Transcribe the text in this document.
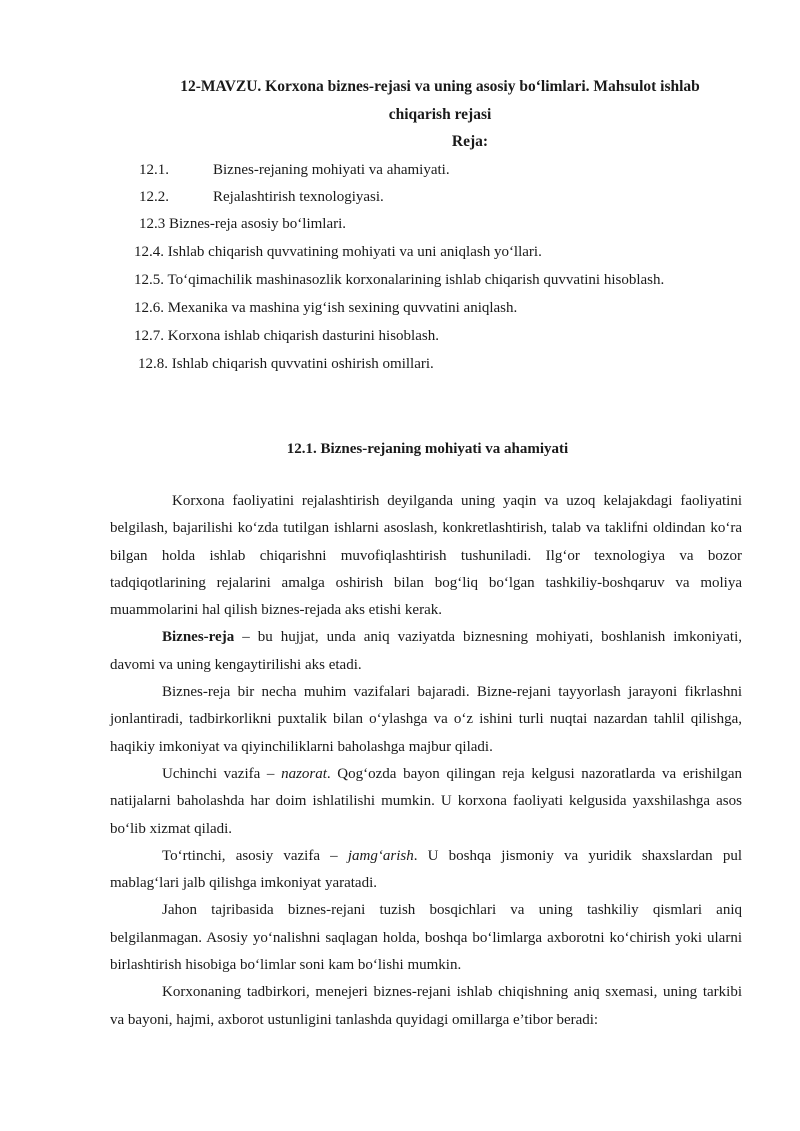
12-MAVZU. Korxona biznes-rejasi va uning asosiy bo‘limlari. Mahsulot ishlab
chiqarish rejasi

Reja:

12.1.	Biznes-rejaning mohiyati va ahamiyati.

12.2.	Rejalashtirish texnologiyasi.

12.3 Biznes-reja asosiy bo‘limlari.

12.4. Ishlab chiqarish quvvatining mohiyati va uni aniqlash yo‘llari.

12.5. To‘qimachilik mashinasozlik korxonalarining ishlab chiqarish quvvatini hisoblash.

12.6. Mexanika va mashina yig‘ish sexining quvvatini aniqlash.

12.7. Korxona ishlab chiqarish dasturini hisoblash.

12.8. Ishlab chiqarish quvvatini oshirish omillari.

12.1. Biznes-rejaning mohiyati va ahamiyati

Korxona faoliyatini rejalashtirish deyilganda uning yaqin va uzoq kelajakdagi faoliyatini belgilash, bajarilishi ko‘zda tutilgan ishlarni asoslash, konkretlashtirish, talab va taklifni oldindan ko‘ra bilgan holda ishlab chiqarishni muvofiqlashtirish tushuniladi. Ilg‘or texnologiya va bozor tadqiqotlarining rejalarini amalga oshirish bilan bog‘liq bo‘lgan tashkiliy-boshqaruv va moliya muammolarini hal qilish biznes-rejada aks etishi kerak.

Biznes-reja – bu hujjat, unda aniq vaziyatda biznesning mohiyati, boshlanish imkoniyati, davomi va uning kengaytirilishi aks etadi.

Biznes-reja bir necha muhim vazifalari bajaradi. Bizne-rejani tayyorlash jarayoni fikrlashni jonlantiradi, tadbirkorlikni puxtalik bilan o‘ylashga va o‘z ishini turli nuqtai nazardan tahlil qilishga, haqikiy imkoniyat va qiyinchiliklarni baholashga majbur qiladi.

Uchinchi vazifa – nazorat. Qog‘ozda bayon qilingan reja kelgusi nazoratlarda va erishilgan natijalarni baholashda har doim ishlatilishi mumkin. U korxona faoliyati kelgusida yaxshilashga asos bo‘lib xizmat qiladi.

To‘rtinchi, asosiy vazifa – jamg‘arish. U boshqa jismoniy va yuridik shaxslardan pul mablag‘lari jalb qilishga imkoniyat yaratadi.

Jahon tajribasida biznes-rejani tuzish bosqichlari va uning tashkiliy qismlari aniq belgilanmagan. Asosiy yo‘nalishni saqlagan holda, boshqa bo‘limlarga axborotni ko‘chirish yoki ularni birlashtirish hisobiga bo‘limlar soni kam bo‘lishi mumkin.

Korxonaning tadbirkori, menejeri biznes-rejani ishlab chiqishning aniq sxemasi, uning tarkibi va bayoni, hajmi, axborot ustunligini tanlashda quyidagi omillarga e’tibor beradi:
